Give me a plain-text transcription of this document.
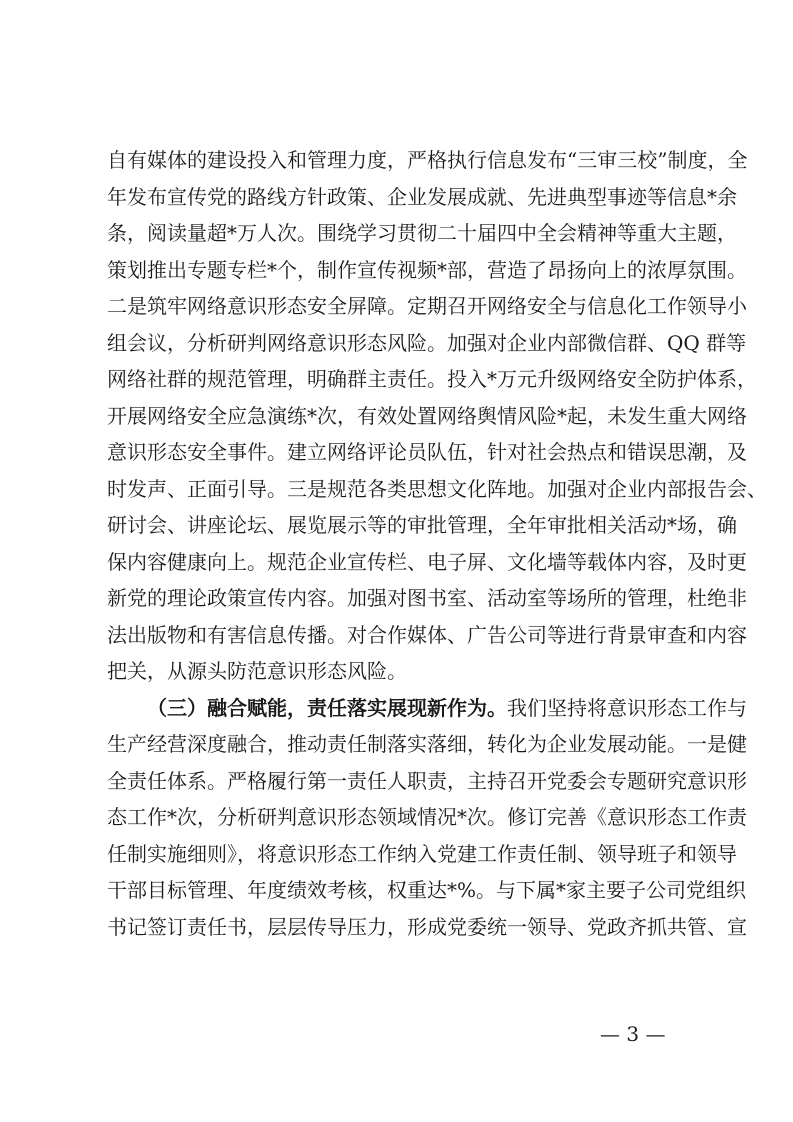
自有媒体的建设投入和管理力度，严格执行信息发布“三审三校”制度，全
年发布宣传党的路线方针政策、企业发展成就、先进典型事迹等信息*余
条，阅读量超*万人次。围绕学习贯彻二十届四中全会精神等重大主题，
策划推出专题专栏*个，制作宣传视频*部，营造了昂扬向上的浓厚氛围。
二是筑牢网络意识形态安全屏障。定期召开网络安全与信息化工作领导小
组会议，分析研判网络意识形态风险。加强对企业内部微信群、QQ 群等
网络社群的规范管理，明确群主责任。投入*万元升级网络安全防护体系，
开展网络安全应急演练*次，有效处置网络舆情风险*起，未发生重大网络
意识形态安全事件。建立网络评论员队伍，针对社会热点和错误思潮，及
时发声、正面引导。三是规范各类思想文化阵地。加强对企业内部报告会、
研讨会、讲座论坛、展览展示等的审批管理，全年审批相关活动*场，确
保内容健康向上。规范企业宣传栏、电子屏、文化墙等载体内容，及时更
新党的理论政策宣传内容。加强对图书室、活动室等场所的管理，杜绝非
法出版物和有害信息传播。对合作媒体、广告公司等进行背景审查和内容
把关，从源头防范意识形态风险。
（三）融合赋能，责任落实展现新作为。我们坚持将意识形态工作与
生产经营深度融合，推动责任制落实落细，转化为企业发展动能。一是健
全责任体系。严格履行第一责任人职责，主持召开党委会专题研究意识形
态工作*次，分析研判意识形态领域情况*次。修订完善《意识形态工作责
任制实施细则》，将意识形态工作纳入党建工作责任制、领导班子和领导
干部目标管理、年度绩效考核，权重达*%。与下属*家主要子公司党组织
书记签订责任书，层层传导压力，形成党委统一领导、党政齐抓共管、宣
— 3 —
